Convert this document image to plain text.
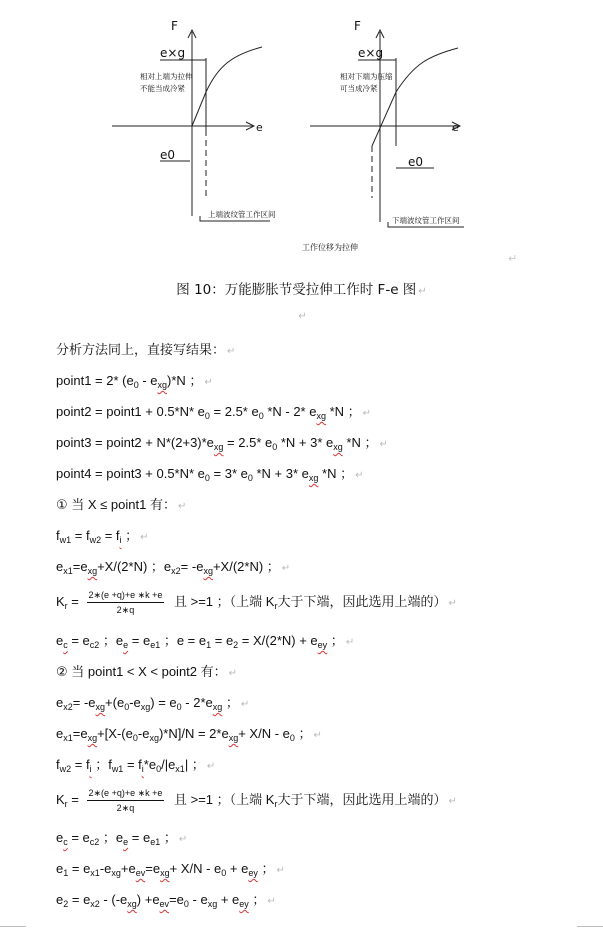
F
e
e×g
相对上端为拉伸
不能当成冷紧
e0
上端波纹管工作区间
F
e
e×g
相对下端为压缩
可当成冷紧
e0
下端波纹管工作区间
工作位移为拉伸
↵
图 10：万能膨胀节受拉伸工作时 F-e 图 ↵
↵
分析方法同上，直接写结果： ↵
point1 = 2* $(e_0 - e_{xg})*N$ ； ↵
point2 = point1 + 0.5*N* $e_0 = 2.5*$ $e_0$ *N - 2* $e_{xg}$ *N ； ↵
point3 = point2 + $N*(2+3)*e_{xg} = 2.5*$ $e_0$ *N + 3* $e_{xg}$ *N ； ↵
point4 = point3 + 0.5*N* $e_0 = 3*$ $e_0$ *N + 3* $e_{xg}$ *N ； ↵
① 当 X ≤ point1 有： ↵
$f_{w1} = f_{w2} = f_i$ ； ↵
$e_{x1}=e_{xg}+X/(2*N)$ ；$e_{x2}= -e_{xg}+X/(2*N)$ ； ↵
$K_r = \frac{2∗(e +q)+e ∗k +e}{2∗q}$ 且 >=1 ；（上端 $K_r$大于下端，因此选用上端的） ↵
$e_c = e_{c2}$ ；$e_e = e_{e1}$ ；$e = e_1 = e_2 = X/(2*N) + e_{ey}$ ； ↵
② 当 point1 < X < point2 有： ↵
$e_{x2}= -e_{xg}+(e_0-e_{xg}) = e_0 - 2*e_{xg}$ ； ↵
$e_{x1}=e_{xg}+[X-(e_0-e_{xg})*N]/N = 2*e_{xg}+ X/N - e_0$ ； ↵
$f_{w2} = f_i$ ；$f_{w1} = f_i*e_0/|e_{x1}|$ ； ↵
$K_r = \frac{2∗(e +q)+e ∗k +e}{2∗q}$ 且 >=1 ；（上端 $K_r$大于下端，因此选用上端的） ↵
$e_c = e_{c2}$ ；$e_e = e_{e1}$ ； ↵
$e_1 = e_{x1}-e_{xg}+e_{ev}=e_{xg}+ X/N - e_0 + e_{ey}$ ； ↵
$e_2 = e_{x2} - (-e_{xg}) +e_{ev}=e_0 - e_{xg} + e_{ey}$ ； ↵
